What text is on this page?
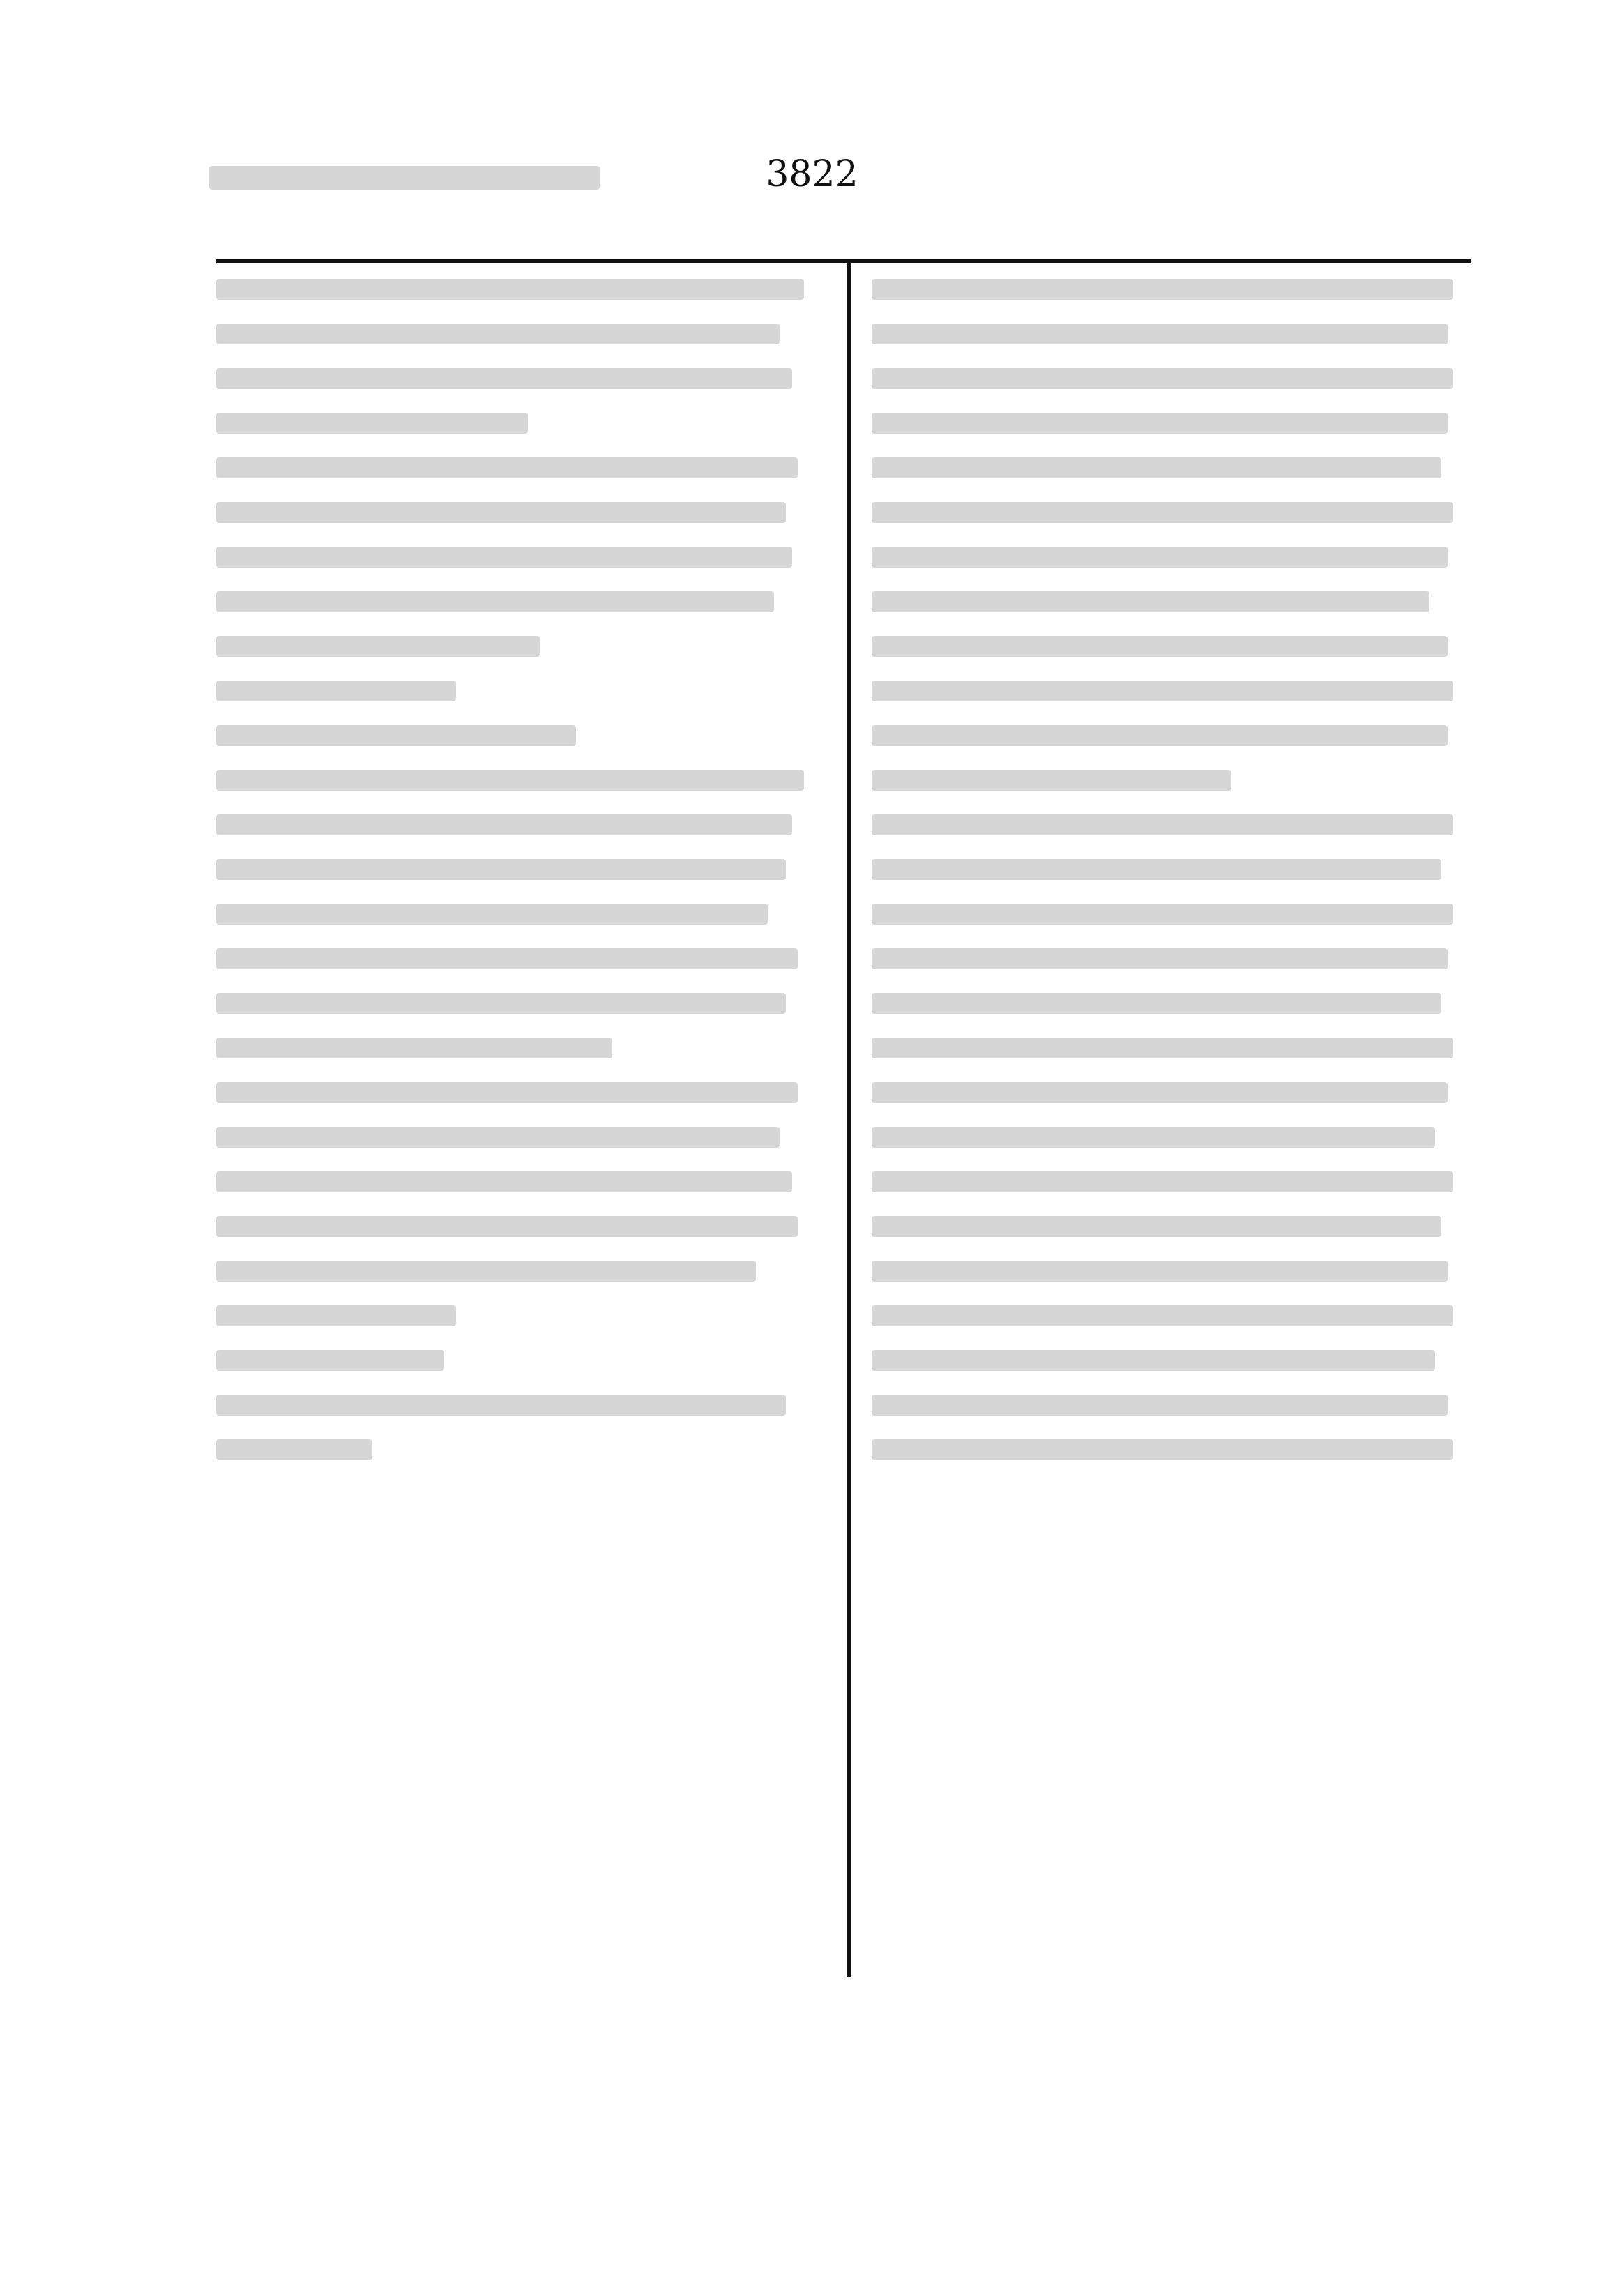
3822
